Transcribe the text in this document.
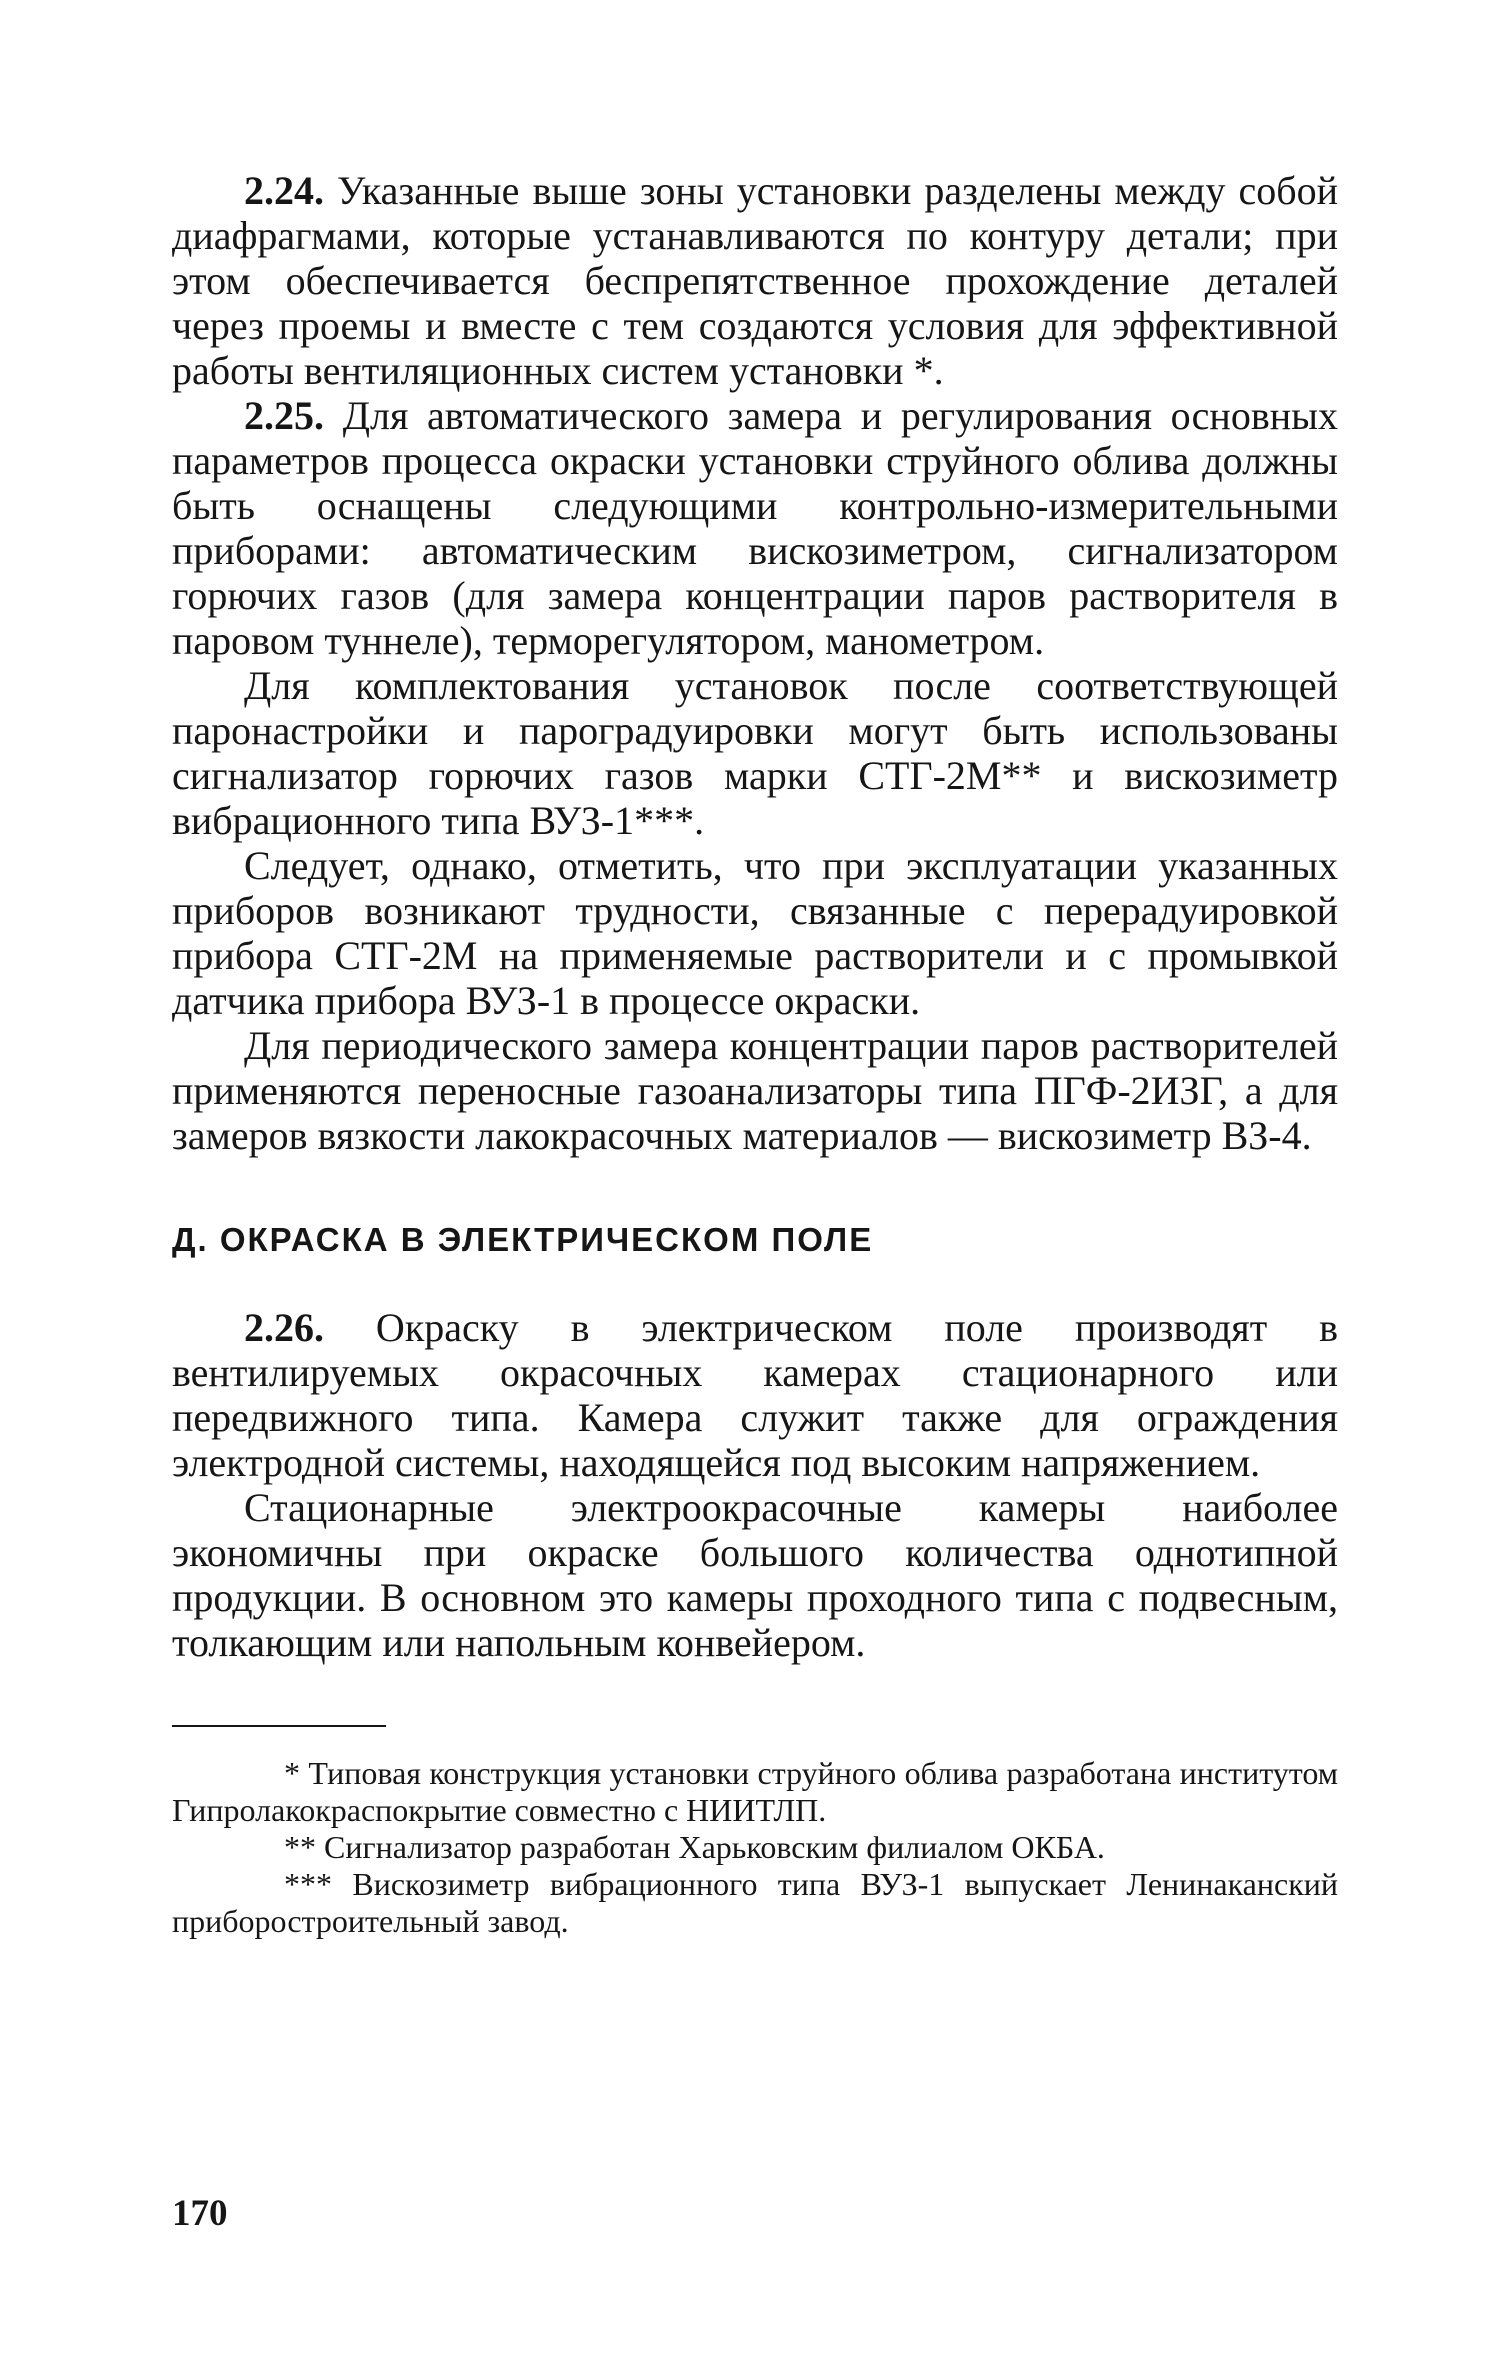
2.24. Указанные выше зоны установки разделены между собой диафрагмами, которые устанавливаются по контуру детали; при этом обеспечивается беспрепятственное прохождение деталей через проемы и вместе с тем создаются условия для эффективной работы вентиляционных систем установки *.

2.25. Для автоматического замера и регулирования основных параметров процесса окраски установки струйного облива должны быть оснащены следующими контрольно-измерительными приборами: автоматическим вискозиметром, сигнализатором горючих газов (для замера концентрации паров растворителя в паровом туннеле), терморегулятором, манометром.

Для комплектования установок после соответствующей паронастройки и пароградуировки могут быть использованы сигнализатор горючих газов марки СТГ-2М** и вискозиметр вибрационного типа ВУЗ-1***.

Следует, однако, отметить, что при эксплуатации указанных приборов возникают трудности, связанные с перерадуировкой прибора СТГ-2М на применяемые растворители и с промывкой датчика прибора ВУЗ-1 в процессе окраски.

Для периодического замера концентрации паров растворителей применяются переносные газоанализаторы типа ПГФ-2ИЗГ, а для замеров вязкости лакокрасочных материалов — вискозиметр ВЗ-4.

Д. ОКРАСКА В ЭЛЕКТРИЧЕСКОМ ПОЛЕ

2.26. Окраску в электрическом поле производят в вентилируемых окрасочных камерах стационарного или передвижного типа. Камера служит также для ограждения электродной системы, находящейся под высоким напряжением.

Стационарные электроокрасочные камеры наиболее экономичны при окраске большого количества однотипной продукции. В основном это камеры проходного типа с подвесным, толкающим или напольным конвейером.

* Типовая конструкция установки струйного облива разработана институтом Гипролакокраспокрытие совместно с НИИТЛП.

** Сигнализатор разработан Харьковским филиалом ОКБА.

*** Вискозиметр вибрационного типа ВУЗ-1 выпускает Ленинаканский приборостроительный завод.

170
